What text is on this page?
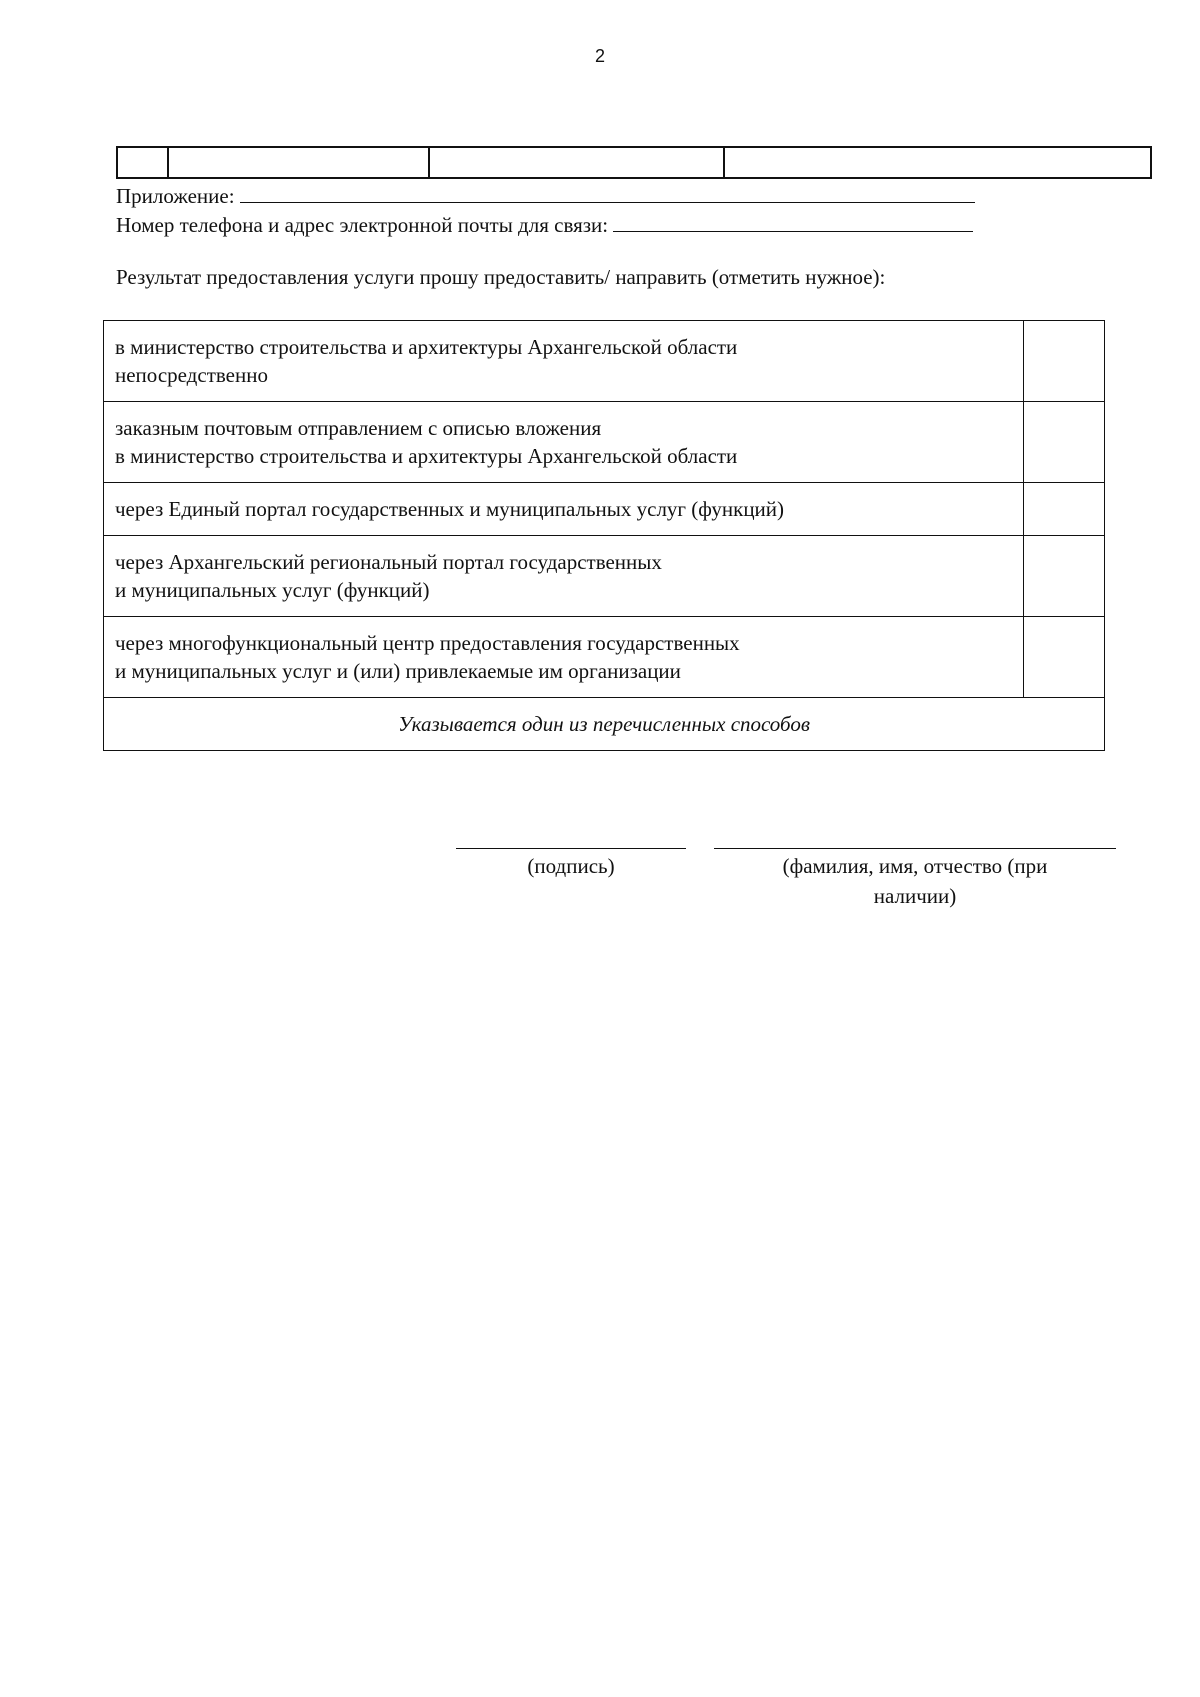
2

Приложение:
Номер телефона и адрес электронной почты для связи:
Результат предоставления услуги прошу предоставить/ направить (отметить нужное):
в министерство строительства и архитектуры Архангельской области
непосредственно	

заказным почтовым отправлением с описью вложения
в министерство строительства и архитектуры Архангельской области	

через Единый портал государственных и муниципальных услуг (функций)	

через Архангельский региональный портал государственных
и муниципальных услуг (функций)	

через многофункциональный центр предоставления государственных
и муниципальных услуг и (или) привлекаемые им организации	

Указывается один из перечисленных способов	
(подпись)	(фамилия, имя, отчество (при
наличии)
